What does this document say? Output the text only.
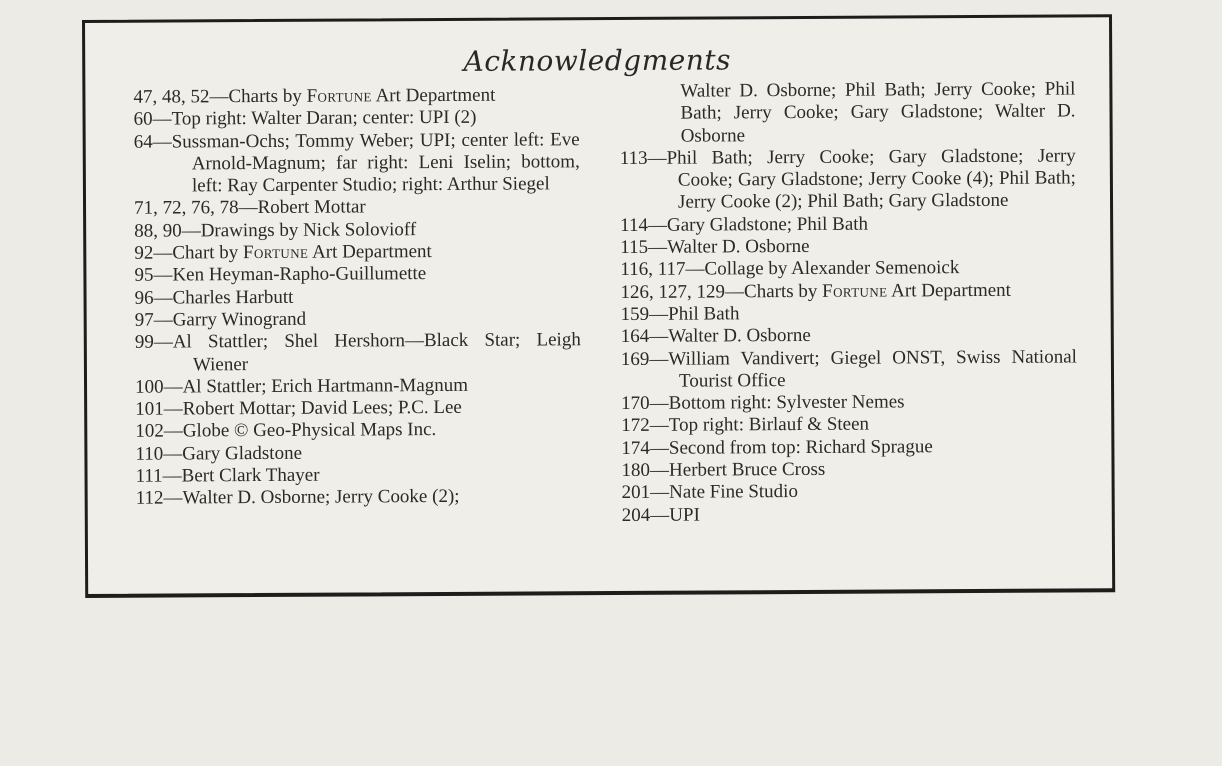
Acknowledgments
47, 48, 52—Charts by Fortune Art Department
60—Top right: Walter Daran; center: UPI (2)
64—Sussman-Ochs; Tommy Weber; UPI; center left: Eve Arnold-Magnum; far right: Leni Iselin; bottom, left: Ray Carpenter Studio; right: Arthur Siegel
71, 72, 76, 78—Robert Mottar
88, 90—Drawings by Nick Solovioff
92—Chart by Fortune Art Department
95—Ken Heyman-Rapho-Guillumette
96—Charles Harbutt
97—Garry Winogrand
99—Al Stattler; Shel Hershorn—Black Star; Leigh Wiener
100—Al Stattler; Erich Hartmann-Magnum
101—Robert Mottar; David Lees; P.C. Lee
102—Globe © Geo-Physical Maps Inc.
110—Gary Gladstone
111—Bert Clark Thayer
112—Walter D. Osborne; Jerry Cooke (2);
Walter D. Osborne; Phil Bath; Jerry Cooke; Phil Bath; Jerry Cooke; Gary Gladstone; Walter D. Osborne
113—Phil Bath; Jerry Cooke; Gary Gladstone; Jerry Cooke; Gary Gladstone; Jerry Cooke (4); Phil Bath; Jerry Cooke (2); Phil Bath; Gary Gladstone
114—Gary Gladstone; Phil Bath
115—Walter D. Osborne
116, 117—Collage by Alexander Semenoick
126, 127, 129—Charts by Fortune Art Department
159—Phil Bath
164—Walter D. Osborne
169—William Vandivert; Giegel ONST, Swiss National Tourist Office
170—Bottom right: Sylvester Nemes
172—Top right: Birlauf & Steen
174—Second from top: Richard Sprague
180—Herbert Bruce Cross
201—Nate Fine Studio
204—UPI
